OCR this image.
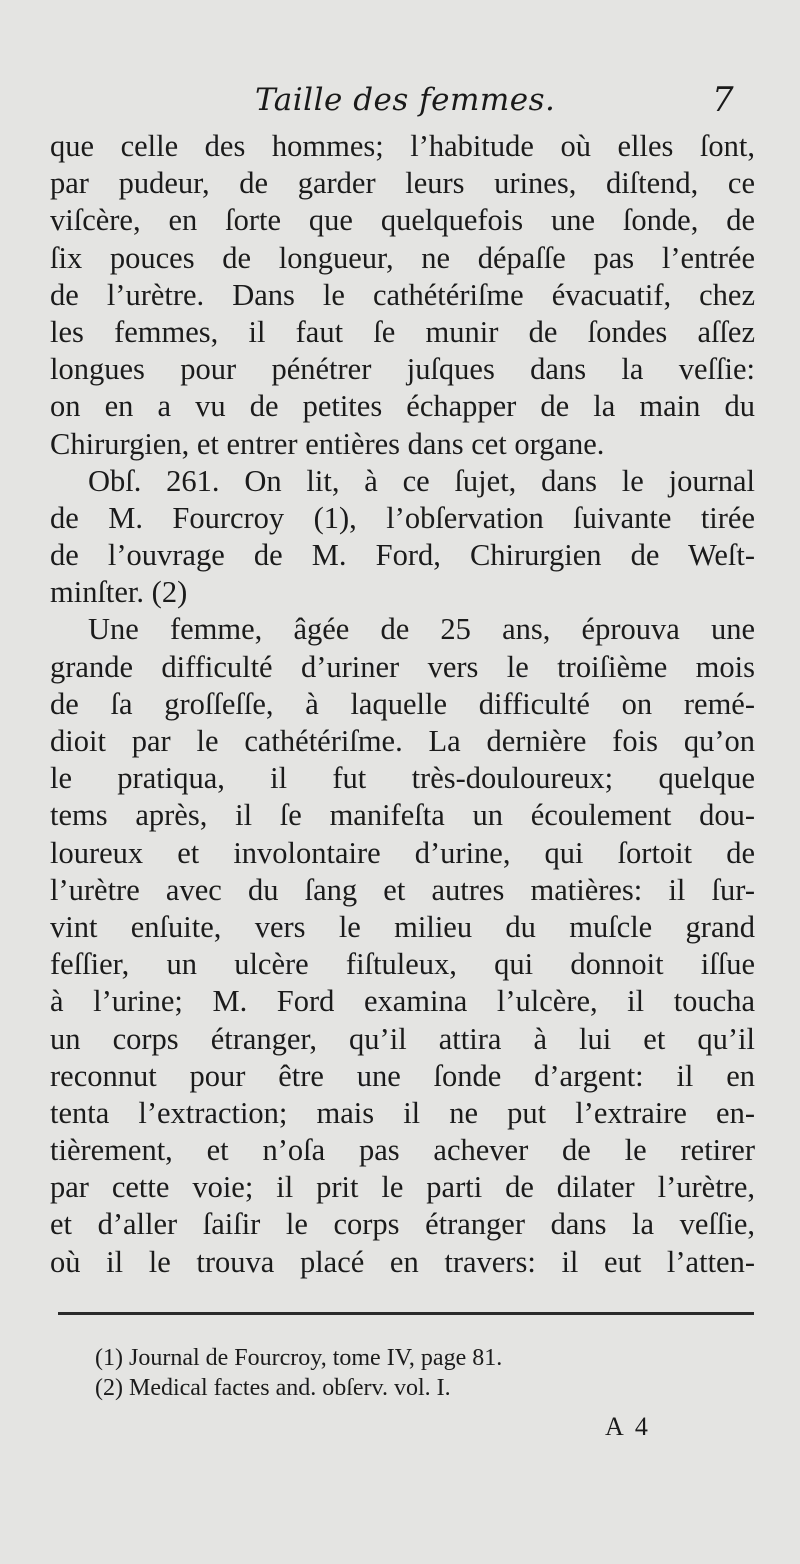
Taille des femmes.	7
que celle des hommes; l’habitude où elles ſont,
par pudeur, de garder leurs urines, diſtend, ce
viſcère, en ſorte que quelquefois une ſonde, de
ſix pouces de longueur, ne dépaſſe pas l’entrée
de l’urètre. Dans le cathétériſme évacuatif, chez
les femmes, il faut ſe munir de ſondes aſſez
longues pour pénétrer juſques dans la veſſie:
on en a vu de petites échapper de la main du
Chirurgien, et entrer entières dans cet organe.
Obſ. 261. On lit, à ce ſujet, dans le journal
de M. Fourcroy (1), l’obſervation ſuivante tirée
de l’ouvrage de M. Ford, Chirurgien de Weſt-
minſter. (2)
Une femme, âgée de 25 ans, éprouva une
grande difficulté d’uriner vers le troiſième mois
de ſa groſſeſſe, à laquelle difficulté on remé-
dioit par le cathétériſme. La dernière fois qu’on
le pratiqua, il fut très-douloureux; quelque
tems après, il ſe manifeſta un écoulement dou-
loureux et involontaire d’urine, qui ſortoit de
l’urètre avec du ſang et autres matières: il ſur-
vint enſuite, vers le milieu du muſcle grand
feſſier, un ulcère fiſtuleux, qui donnoit iſſue
à l’urine; M. Ford examina l’ulcère, il toucha
un corps étranger, qu’il attira à lui et qu’il
reconnut pour être une ſonde d’argent: il en
tenta l’extraction; mais il ne put l’extraire en-
tièrement, et n’oſa pas achever de le retirer
par cette voie; il prit le parti de dilater l’urètre,
et d’aller ſaiſir le corps étranger dans la veſſie,
où il le trouva placé en travers: il eut l’atten-
(1) Journal de Fourcroy, tome IV, page 81.
(2) Medical factes and. obſerv. vol. I.
A 4
